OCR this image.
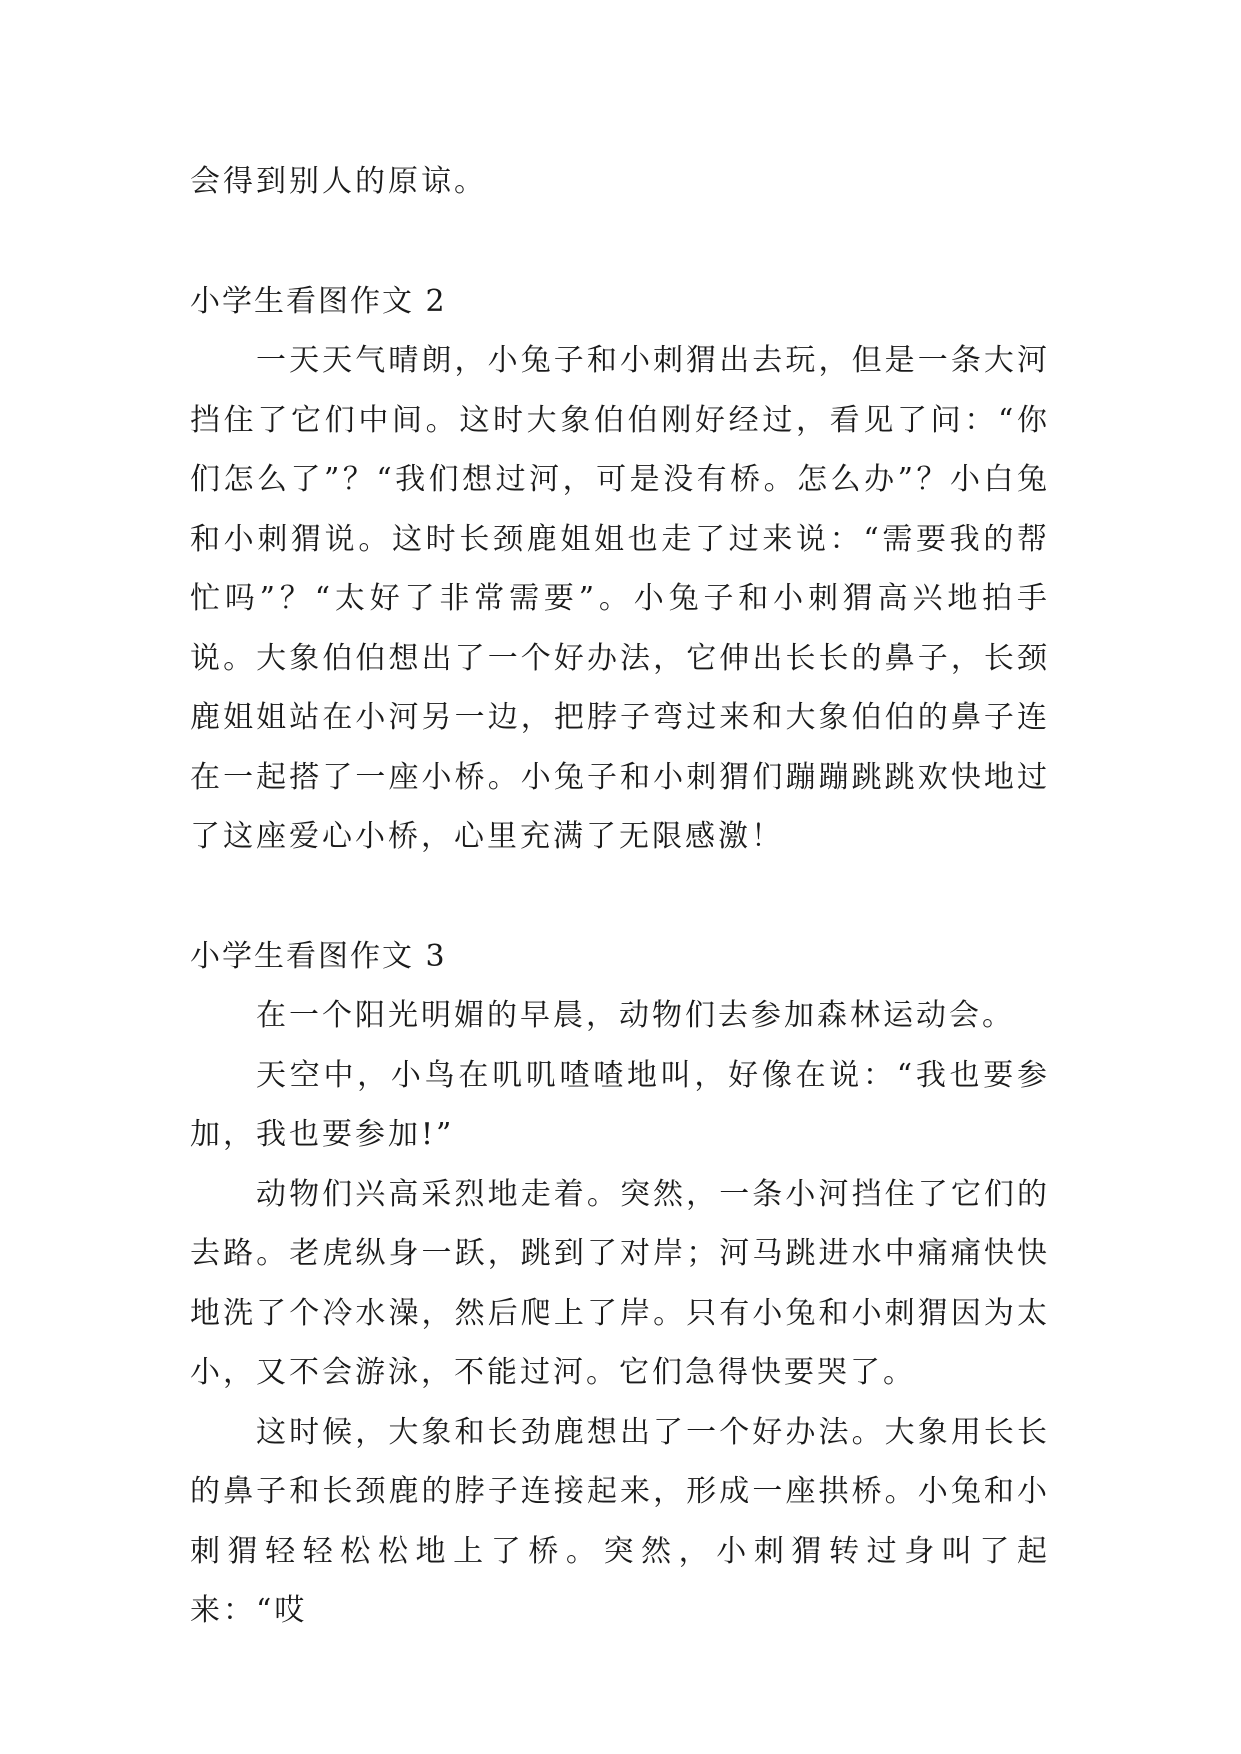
会得到别人的原谅。

小学生看图作文 2

一天天气晴朗，小兔子和小刺猬出去玩，但是一条大河挡住了它们中间。这时大象伯伯刚好经过，看见了问：“你们怎么了”？“我们想过河，可是没有桥。怎么办”？小白兔和小刺猬说。这时长颈鹿姐姐也走了过来说：“需要我的帮忙吗”？“太好了非常需要”。小兔子和小刺猬高兴地拍手说。大象伯伯想出了一个好办法，它伸出长长的鼻子，长颈鹿姐姐站在小河另一边，把脖子弯过来和大象伯伯的鼻子连在一起搭了一座小桥。小兔子和小刺猬们蹦蹦跳跳欢快地过了这座爱心小桥，心里充满了无限感激！

小学生看图作文 3

在一个阳光明媚的早晨，动物们去参加森林运动会。

天空中，小鸟在叽叽喳喳地叫，好像在说：“我也要参加，我也要参加!”

动物们兴高采烈地走着。突然，一条小河挡住了它们的去路。老虎纵身一跃，跳到了对岸；河马跳进水中痛痛快快地洗了个冷水澡，然后爬上了岸。只有小兔和小刺猬因为太小，又不会游泳，不能过河。它们急得快要哭了。

这时候，大象和长劲鹿想出了一个好办法。大象用长长的鼻子和长颈鹿的脖子连接起来，形成一座拱桥。小兔和小刺猬轻轻松松地上了桥。突然，小刺猬转过身叫了起来：“哎
